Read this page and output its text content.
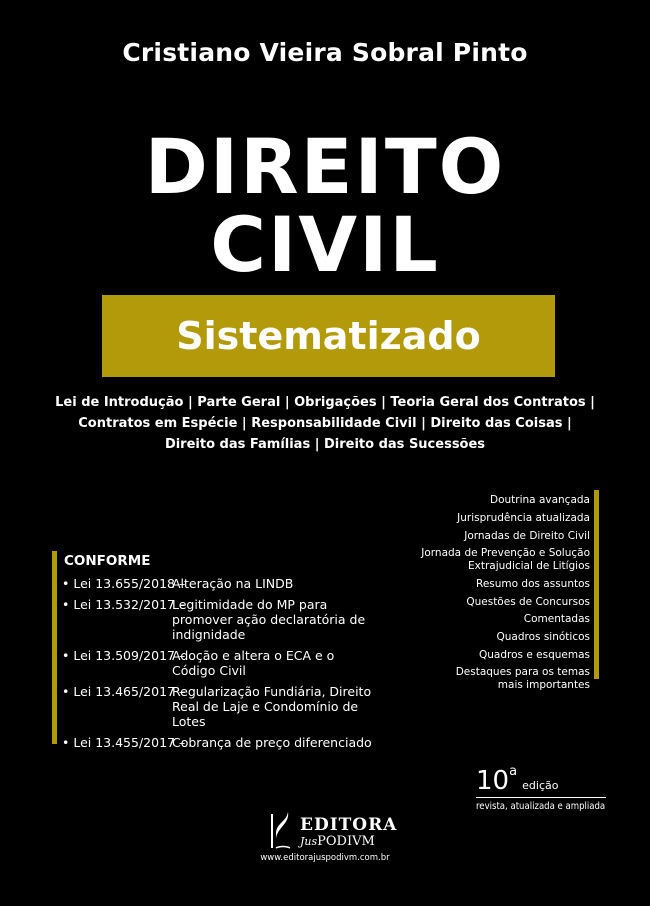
Cristiano Vieira Sobral Pinto
DIREITO
CIVIL
Sistematizado
Lei de Introdução | Parte Geral | Obrigações | Teoria Geral dos Contratos |
Contratos em Espécie | Responsabilidade Civil | Direito das Coisas |
Direito das Famílias | Direito das Sucessões
Doutrina avançada
Jurisprudência atualizada
Jornadas de Direito Civil
Jornada de Prevenção e Solução Extrajudicial de Litígios
Resumo dos assuntos
Questões de Concursos Comentadas
Quadros sinóticos
Quadros e esquemas
Destaques para os temas mais importantes
CONFORME
• Lei 13.655/2018 –
Alteração na LINDB
• Lei 13.532/2017 –
Legitimidade do MP para promover ação declaratória de indignidade
• Lei 13.509/2017 –
Adoção e altera o ECA e o Código Civil
• Lei 13.465/2017 –
Regularização Fundiária, Direito Real de Laje e Condomínio de Lotes
• Lei 13.455/2017 –
Cobrança de preço diferenciado
10$^a$ edição
revista, atualizada e ampliada
EDITORA
JusPODIVM
www.editorajuspodivm.com.br
